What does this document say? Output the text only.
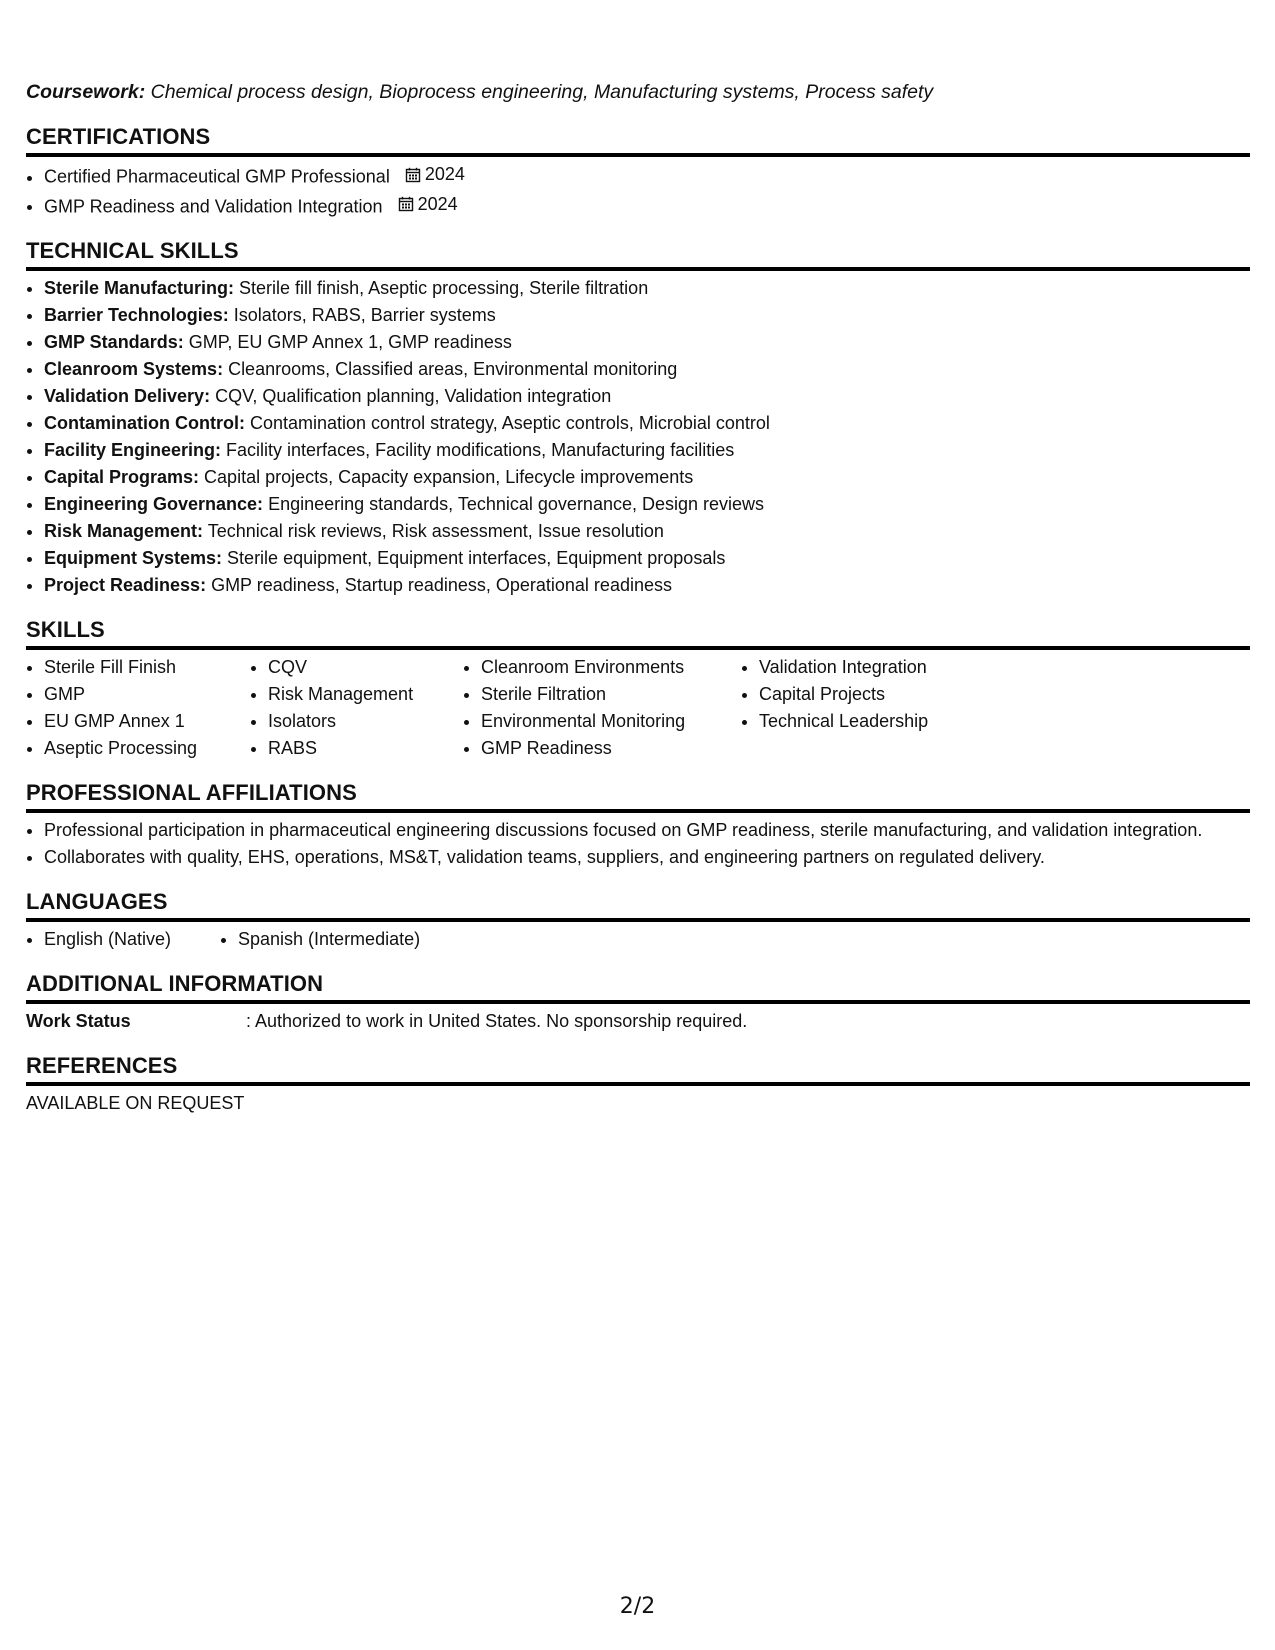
Coursework: Chemical process design, Bioprocess engineering, Manufacturing systems, Process safety

CERTIFICATIONS
• Certified Pharmaceutical GMP Professional 2024
• GMP Readiness and Validation Integration 2024
TECHNICAL SKILLS
• Sterile Manufacturing: Sterile fill finish, Aseptic processing, Sterile filtration
• Barrier Technologies: Isolators, RABS, Barrier systems
• GMP Standards: GMP, EU GMP Annex 1, GMP readiness
• Cleanroom Systems: Cleanrooms, Classified areas, Environmental monitoring
• Validation Delivery: CQV, Qualification planning, Validation integration
• Contamination Control: Contamination control strategy, Aseptic controls, Microbial control
• Facility Engineering: Facility interfaces, Facility modifications, Manufacturing facilities
• Capital Programs: Capital projects, Capacity expansion, Lifecycle improvements
• Engineering Governance: Engineering standards, Technical governance, Design reviews
• Risk Management: Technical risk reviews, Risk assessment, Issue resolution
• Equipment Systems: Sterile equipment, Equipment interfaces, Equipment proposals
• Project Readiness: GMP readiness, Startup readiness, Operational readiness
SKILLS
• Sterile Fill Finish
• GMP
• EU GMP Annex 1
• Aseptic Processing
• CQV
• Risk Management
• Isolators
• RABS
• Cleanroom Environments
• Sterile Filtration
• Environmental Monitoring
• GMP Readiness
• Validation Integration
• Capital Projects
• Technical Leadership
PROFESSIONAL AFFILIATIONS
• Professional participation in pharmaceutical engineering discussions focused on GMP readiness, sterile manufacturing, and validation integration.
• Collaborates with quality, EHS, operations, MS&T, validation teams, suppliers, and engineering partners on regulated delivery.
LANGUAGES
• English (Native)
•	Spanish (Intermediate)
ADDITIONAL INFORMATION
Work Status	: Authorized to work in United States. No sponsorship required.
REFERENCES
AVAILABLE ON REQUEST
2/2
